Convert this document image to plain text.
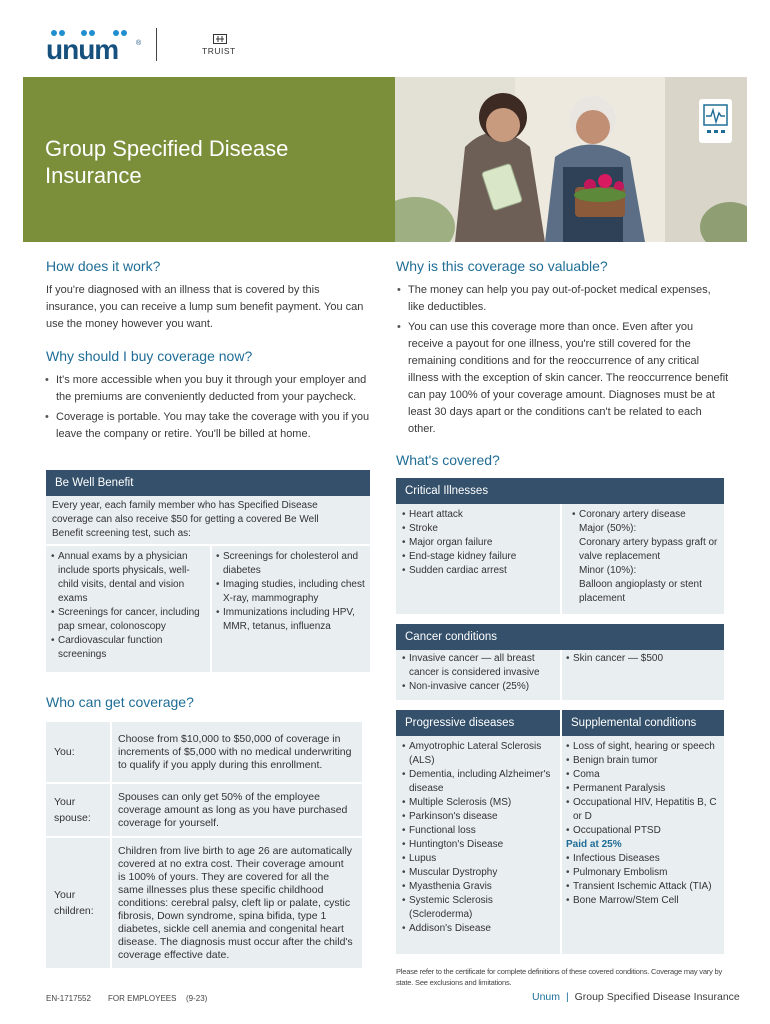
unum	®
TRUIST
Group Specified Disease
Insurance
How does it work?
If you're diagnosed with an illness that is covered by this insurance, you can receive a lump sum benefit payment. You can use the money however you want.
Why should I buy coverage now?
• It's more accessible when you buy it through your employer and the premiums are conveniently deducted from your paycheck.
• Coverage is portable. You may take the coverage with you if you leave the company or retire. You'll be billed at home.
Be Well Benefit
Every year, each family member who has Specified Disease coverage can also receive $50 for getting a covered Be Well Benefit screening test, such as:
• Annual exams by a physician include sports physicals, well-child visits, dental and vision exams
• Screenings for cancer, including pap smear, colonoscopy
• Cardiovascular function screenings
• Screenings for cholesterol and diabetes
• Imaging studies, including chest X-ray, mammography
• Immunizations including HPV, MMR, tetanus, influenza
Who can get coverage?
You:
Choose from $10,000 to $50,000 of coverage in increments of $5,000 with no medical underwriting to qualify if you apply during this enrollment.
Your spouse:
Spouses can only get 50% of the employee coverage amount as long as you have purchased coverage for yourself.
Your children:
Children from live birth to age 26 are automatically covered at no extra cost. Their coverage amount is 100% of yours. They are covered for all the same illnesses plus these specific childhood conditions: cerebral palsy, cleft lip or palate, cystic fibrosis, Down syndrome, spina bifida, type 1 diabetes, sickle cell anemia and congenital heart disease. The diagnosis must occur after the child's coverage effective date.
Why is this coverage so valuable?
• The money can help you pay out-of-pocket medical expenses, like deductibles.
• You can use this coverage more than once. Even after you receive a payout for one illness, you're still covered for the remaining conditions and for the reoccurrence of any critical illness with the exception of skin cancer. The reoccurrence benefit can pay 100% of your coverage amount. Diagnoses must be at least 30 days apart or the conditions can't be related to each other.
What's covered?
Critical Illnesses
• Heart attack
• Stroke
• Major organ failure
• End-stage kidney failure
• Sudden cardiac arrest
• Coronary artery disease
Major (50%):
Coronary artery bypass graft or valve replacement
Minor (10%):
Balloon angioplasty or stent placement
Cancer conditions
• Invasive cancer — all breast cancer is considered invasive
• Non-invasive cancer (25%)
• Skin cancer — $500
Progressive diseases	Supplemental conditions
• Amyotrophic Lateral Sclerosis (ALS)
• Dementia, including Alzheimer's disease
• Multiple Sclerosis (MS)
• Parkinson's disease
• Functional loss
• Huntington's Disease
• Lupus
• Muscular Dystrophy
• Myasthenia Gravis
• Systemic Sclerosis (Scleroderma)
• Addison's Disease
• Loss of sight, hearing or speech
• Benign brain tumor
• Coma
• Permanent Paralysis
• Occupational HIV, Hepatitis B, C or D
• Occupational PTSD
Paid at 25%
• Infectious Diseases
• Pulmonary Embolism
• Transient Ischemic Attack (TIA)
• Bone Marrow/Stem Cell
Please refer to the certificate for complete definitions of these covered conditions. Coverage may vary by state. See exclusions and limitations.
EN-1717552 FOR EMPLOYEES (9-23)	Unum | Group Specified Disease Insurance
